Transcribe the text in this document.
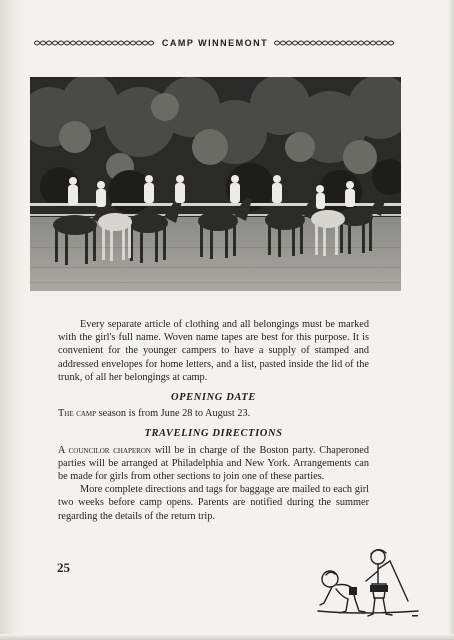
CAMP WINNEMONT

Every separate article of clothing and all belongings must be marked with the girl's full name. Woven name tapes are best for this purpose. It is convenient for the younger campers to have a supply of stamped and addressed envelopes for home letters, and a list, pasted inside the lid of the trunk, of all her belongings at camp.

OPENING DATE

The camp season is from June 28 to August 23.

TRAVELING DIRECTIONS

A councilor chaperon will be in charge of the Boston party. Chaperoned parties will be arranged at Philadelphia and New York. Arrangements can be made for girls from other sections to join one of these parties.

More complete directions and tags for baggage are mailed to each girl two weeks before camp opens. Parents are notified during the summer regarding the details of the return trip.

25
